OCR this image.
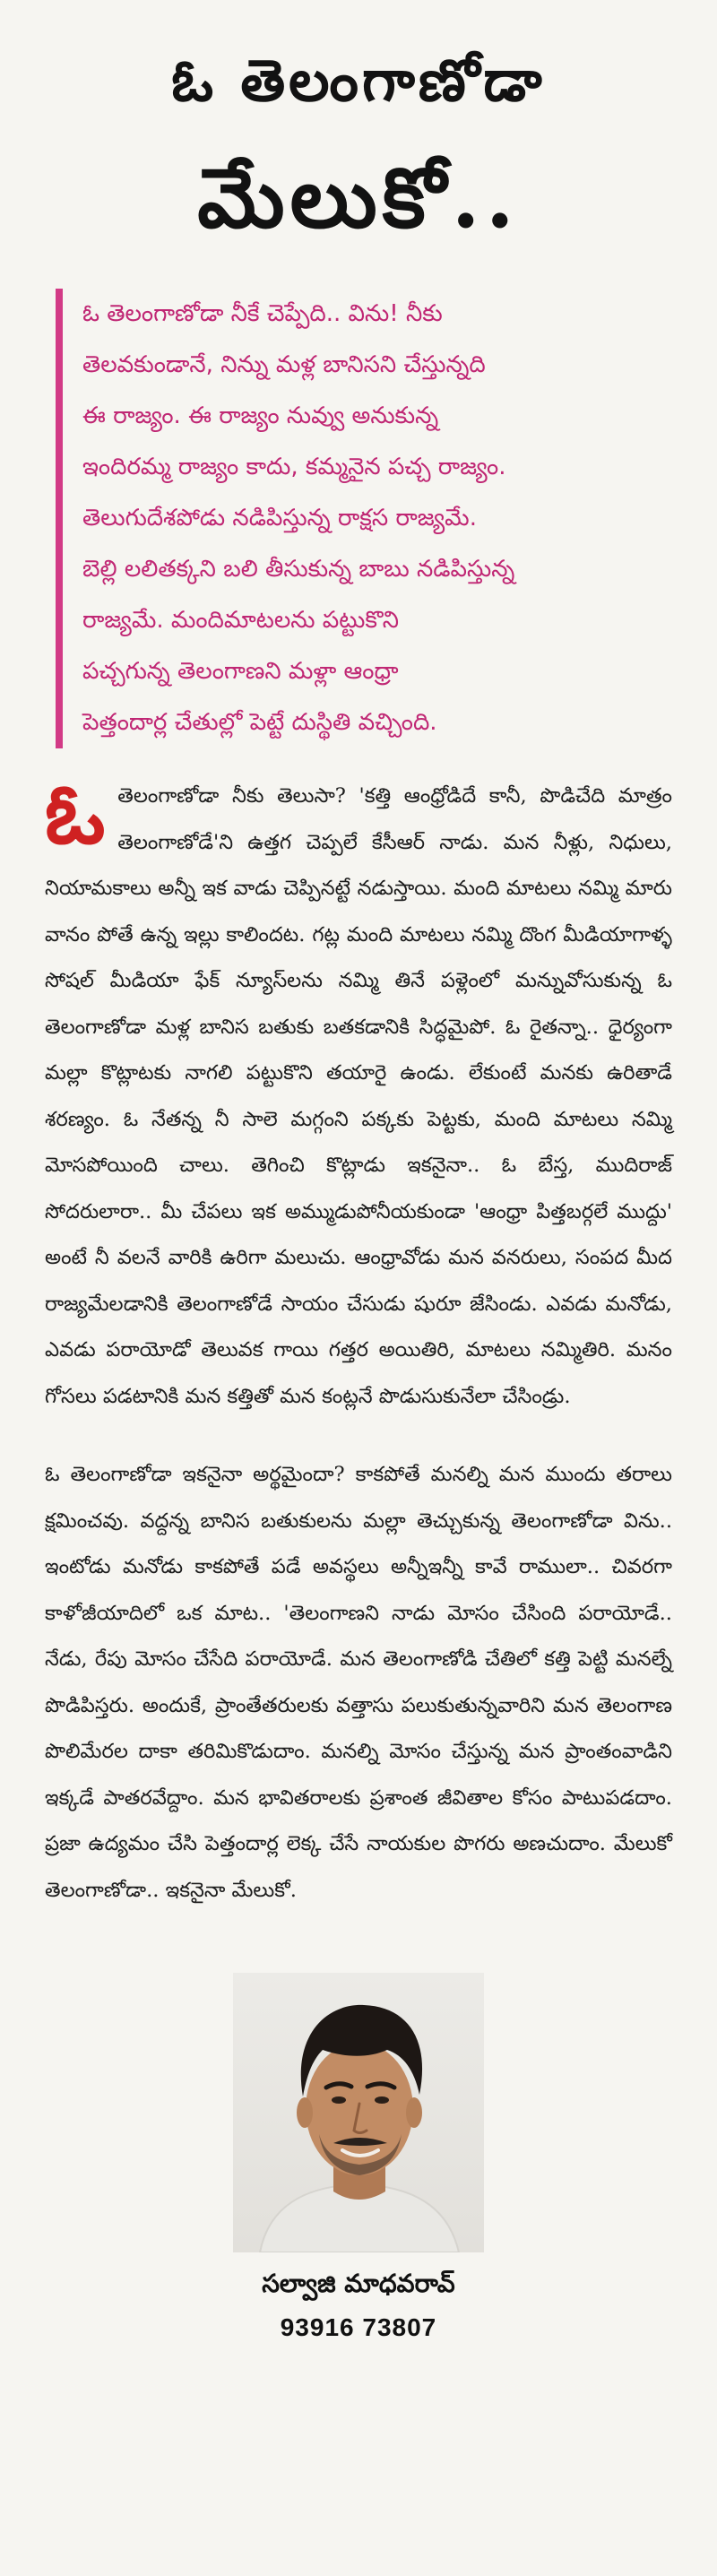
ఓ తెలంగాణోడా
మేలుకో..
ఓ తెలంగాణోడా నీకే చెప్పేది.. విను! నీకు
తెలవకుండానే, నిన్ను మళ్ల బానిసని చేస్తున్నది
ఈ రాజ్యం. ఈ రాజ్యం నువ్వు అనుకున్న
ఇందిరమ్మ రాజ్యం కాదు, కమ్మనైన పచ్చ రాజ్యం.
తెలుగుదేశపోడు నడిపిస్తున్న రాక్షస రాజ్యమే.
బెల్లి లలితక్కని బలి తీసుకున్న బాబు నడిపిస్తున్న
రాజ్యమే. మందిమాటలను పట్టుకొని
పచ్చగున్న తెలంగాణని మళ్లా ఆంధ్రా
పెత్తందార్ల చేతుల్లో పెట్టే దుస్థితి వచ్చింది.

ఓ తెలంగాణోడా నీకు తెలుసా? 'కత్తి ఆంధ్రోడిదే కానీ, పొడిచేది మాత్రం తెలంగాణోడే'ని ఉత్తగ చెప్పలే కేసీఆర్ నాడు. మన నీళ్లు, నిధులు, నియామకాలు అన్నీ ఇక వాడు చెప్పినట్టే నడుస్తాయి. మంది మాటలు నమ్మి మారు వానం పోతే ఉన్న ఇల్లు కాలిందట. గట్ల మంది మాటలు నమ్మి దొంగ మీడియాగాళ్ళ సోషల్ మీడియా ఫేక్ న్యూస్‌లను నమ్మి తినే పళ్లెంలో మన్నువోసుకున్న ఓ తెలంగాణోడా మళ్ల బానిస బతుకు బతకడానికి సిద్ధమైపో. ఓ రైతన్నా.. ధైర్యంగా మల్లా కొట్లాటకు నాగలి పట్టుకొని తయారై ఉండు. లేకుంటే మనకు ఉరితాడే శరణ్యం. ఓ నేతన్న నీ సాలె మగ్గంని పక్కకు పెట్టకు, మంది మాటలు నమ్మి మోసపోయింది చాలు. తెగించి కొట్లాడు ఇకనైనా.. ఓ బేస్త, ముదిరాజ్ సోదరులారా.. మీ చేపలు ఇక అమ్ముడుపోనీయకుండా 'ఆంధ్రా పిత్తబర్గలే ముద్దు' అంటే నీ వలనే వారికి ఉరిగా మలుచు. ఆంధ్రావోడు మన వనరులు, సంపద మీద రాజ్యమేలడానికి తెలంగాణోడే సాయం చేసుడు షురూ జేసిండు. ఎవడు మనోడు, ఎవడు పరాయోడో తెలువక గాయి గత్తర అయితిరి, మాటలు నమ్మితిరి. మనం గోసలు పడటానికి మన కత్తితో మన కంట్లనే పొడుసుకునేలా చేసిండ్రు.

ఓ తెలంగాణోడా ఇకనైనా అర్థమైందా? కాకపోతే మనల్ని మన ముందు తరాలు క్షమించవు. వద్దన్న బానిస బతుకులను మల్లా తెచ్చుకున్న తెలంగాణోడా విను.. ఇంటోడు మనోడు కాకపోతే పడే అవస్థలు అన్నీఇన్నీ కావే రాములా.. చివరగా కాళోజీయాదిలో ఒక మాట.. 'తెలంగాణని నాడు మోసం చేసింది పరాయోడే.. నేడు, రేపు మోసం చేసేది పరాయోడే. మన తెలంగాణోడి చేతిలో కత్తి పెట్టి మనల్నే పొడిపిస్తరు. అందుకే, ప్రాంతేతరులకు వత్తాసు పలుకుతున్నవారిని మన తెలంగాణ పొలిమేరల దాకా తరిమికొడుదాం. మనల్ని మోసం చేస్తున్న మన ప్రాంతంవాడిని ఇక్కడే పాతరవేద్దాం. మన భావితరాలకు ప్రశాంత జీవితాల కోసం పాటుపడదాం. ప్రజా ఉద్యమం చేసి పెత్తందార్ల లెక్క చేసే నాయకుల పొగరు అణచుదాం. మేలుకో తెలంగాణోడా.. ఇకనైనా మేలుకో.

సల్వాజి మాధవరావ్
93916 73807
